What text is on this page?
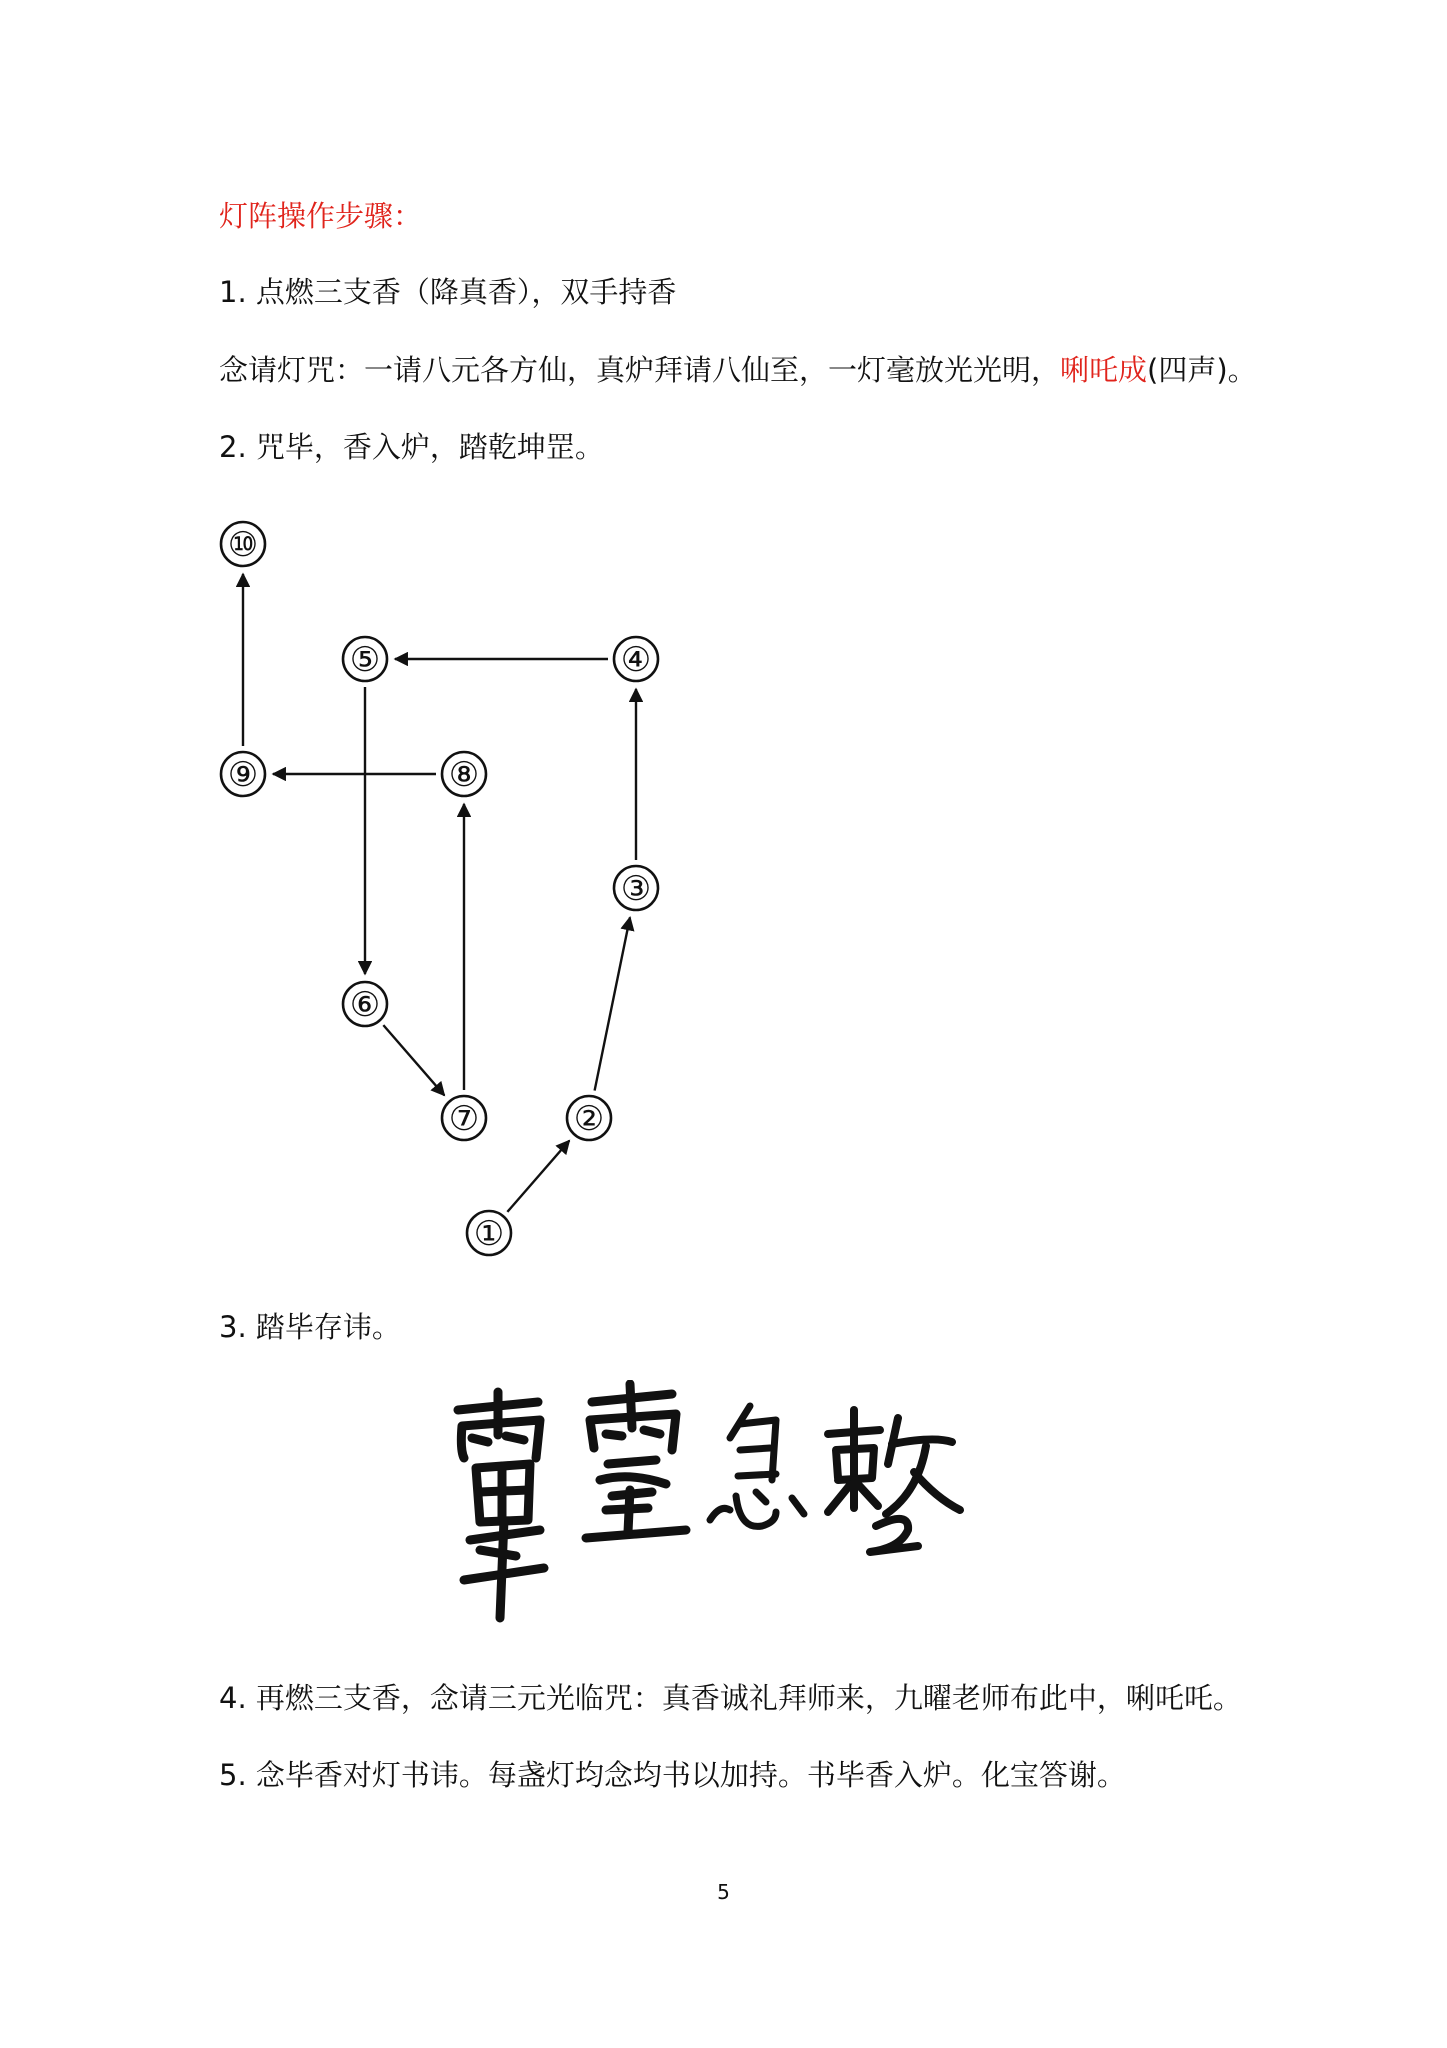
灯阵操作步骤：
1. 点燃三支香（降真香），双手持香
念请灯咒：一请八元各方仙，真炉拜请八仙至，一灯毫放光光明，唎吒成(四声)。
2. 咒毕，香入炉，踏乾坤罡。
①
②
③
④
⑤
⑥
⑦
⑧
⑨
⑩
3. 踏毕存讳。
4. 再燃三支香，念请三元光临咒：真香诚礼拜师来，九曜老师布此中，唎吒吒。
5. 念毕香对灯书讳。每盏灯均念均书以加持。书毕香入炉。化宝答谢。
5
